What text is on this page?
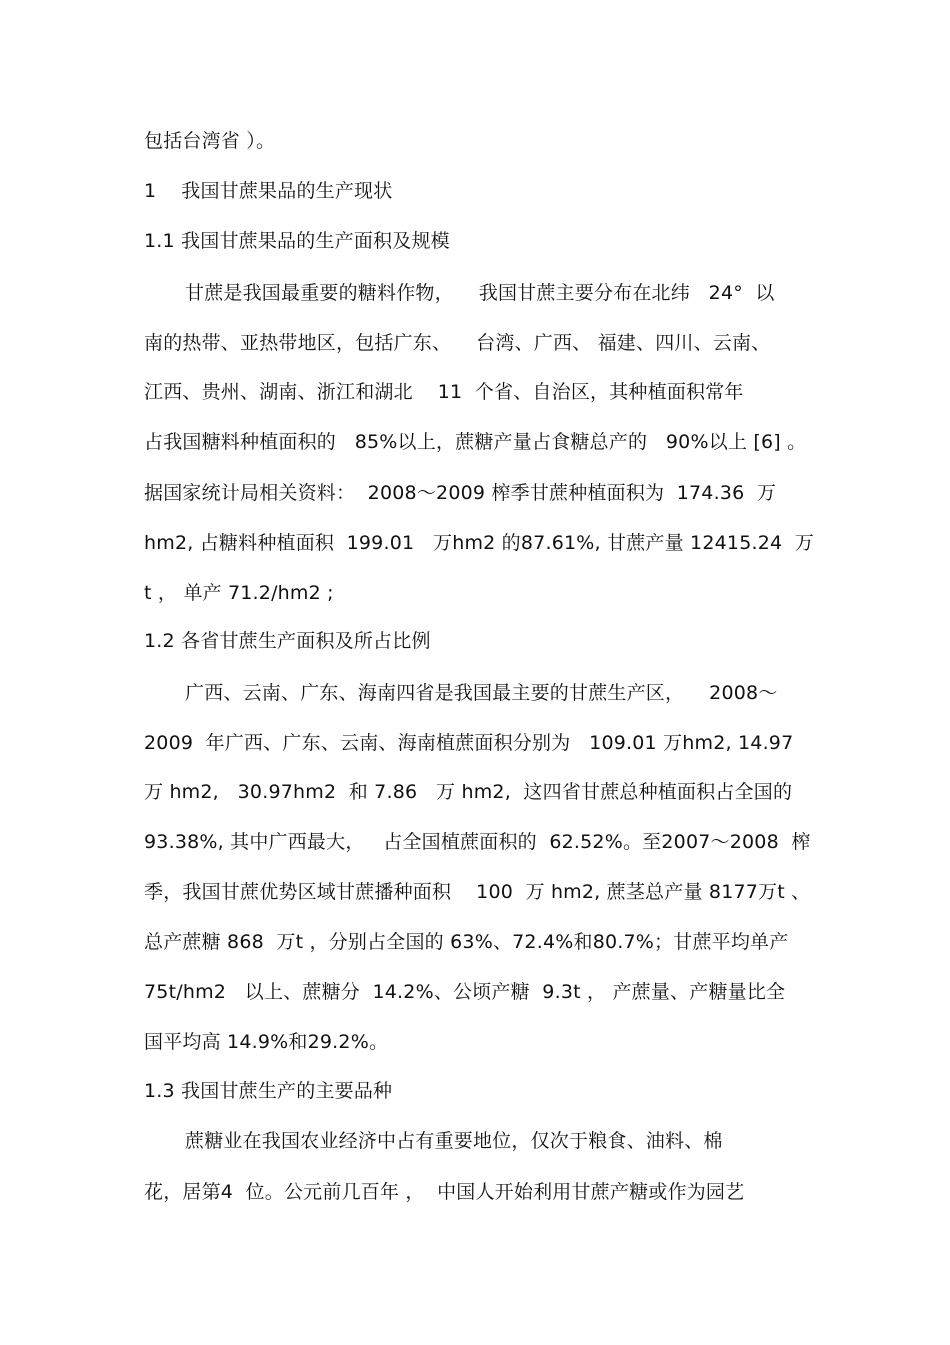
包括台湾省 ）。
1    我国甘蔗果品的生产现状
1.1 我国甘蔗果品的生产面积及规模
甘蔗是我国最重要的糖料作物，    我国甘蔗主要分布在北纬   24°  以
南的热带、亚热带地区，包括广东、    台湾、广西、 福建、四川、云南、
江西、贵州、湖南、浙江和湖北    11  个省、自治区，其种植面积常年
占我国糖料种植面积的   85%以上，蔗糖产量占食糖总产的   90%以上 [6] 。
据国家统计局相关资料：  2008～2009 榨季甘蔗种植面积为  174.36  万
hm2, 占糖料种植面积  199.01   万hm2 的87.61%, 甘蔗产量 12415.24  万
t ， 单产 71.2/hm2 ;
1.2 各省甘蔗生产面积及所占比例
广西、云南、广东、海南四省是我国最主要的甘蔗生产区，    2008～
2009  年广西、广东、云南、海南植蔗面积分别为   109.01 万hm2, 14.97
万 hm2,   30.97hm2  和 7.86   万 hm2,  这四省甘蔗总种植面积占全国的
93.38%, 其中广西最大，   占全国植蔗面积的  62.52%。至2007～2008  榨
季，我国甘蔗优势区域甘蔗播种面积    100  万 hm2, 蔗茎总产量 8177万t 、
总产蔗糖 868  万t ，分别占全国的 63%、72.4%和80.7%；甘蔗平均单产
75t/hm2   以上、蔗糖分  14.2%、公顷产糖  9.3t ， 产蔗量、产糖量比全
国平均高 14.9%和29.2%。
1.3 我国甘蔗生产的主要品种
蔗糖业在我国农业经济中占有重要地位，仅次于粮食、油料、棉
花，居第4  位。公元前几百年 ，  中国人开始利用甘蔗产糖或作为园艺
